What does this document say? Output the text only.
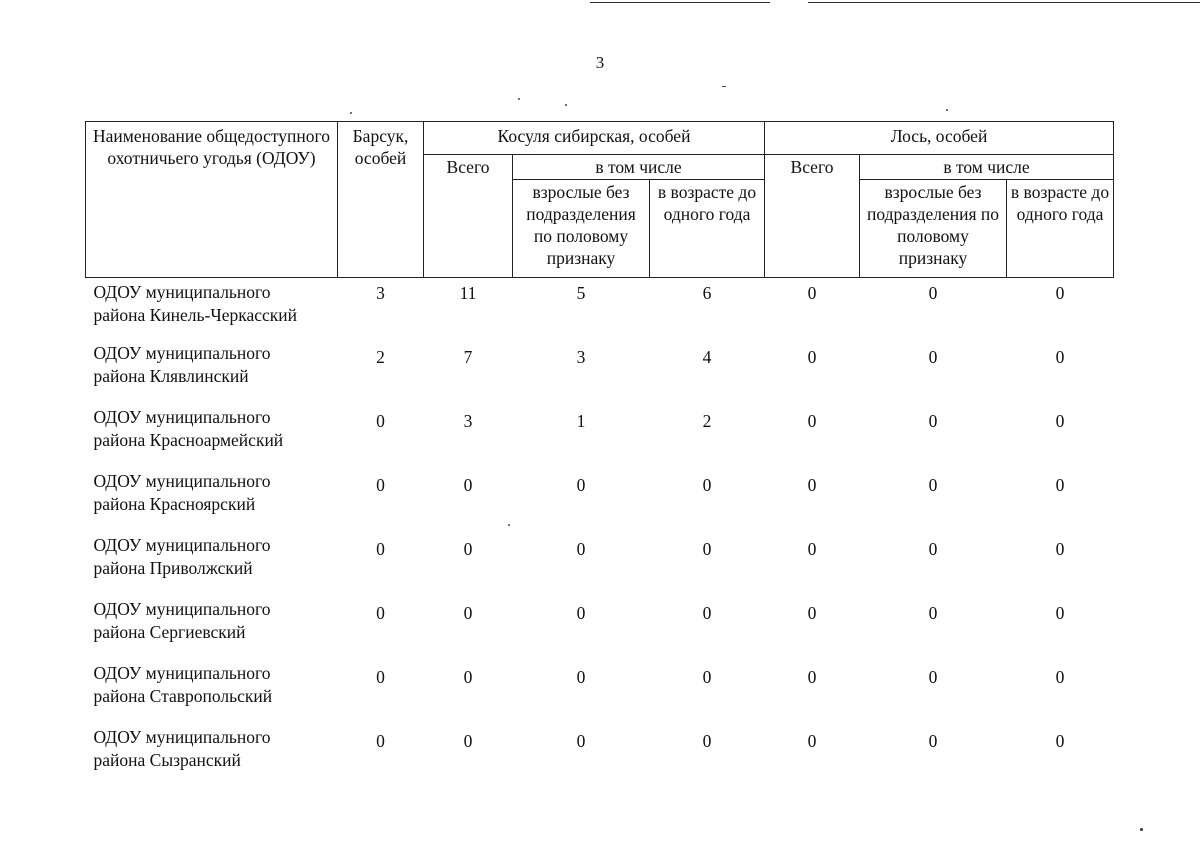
3
Наименование общедоступного охотничьего угодья (ОДОУ)	Барсук, особей	Косуля сибирская, особей			Лось, особей		
		Всего	в том числе		Всего	в том числе	
			взрослые без подразделения по половому признаку	в возрасте до одного года		взрослые без подразделения по половому признаку	в возрасте до одного года
ОДОУ муниципального
района Кинель-Черкасский	3	11	5	6	0	0	0
ОДОУ муниципального
района Клявлинский	2	7	3	4	0	0	0
ОДОУ муниципального
района Красноармейский	0	3	1	2	0	0	0
ОДОУ муниципального
района Красноярский	0	0	0	0	0	0	0
ОДОУ муниципального
района Приволжский	0	0	0	0	0	0	0
ОДОУ муниципального
района Сергиевский	0	0	0	0	0	0	0
ОДОУ муниципального
района Ставропольский	0	0	0	0	0	0	0
ОДОУ муниципального
района Сызранский	0	0	0	0	0	0	0
